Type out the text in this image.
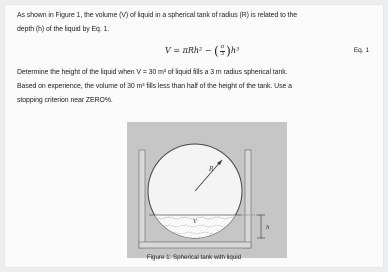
As shown in Figure 1, the volume (V) of liquid in a spherical tank of radius (R) is related to the
depth (h) of the liquid by Eq. 1.
V = πRh² − ( $\frac{\pi}{3} )h^3$	Eq. 1
Determine the height of the liquid when V = 30 m³ of liquid fills a 3 m radius spherical tank.
Based on experience, the volume of 30 m³ fills less than half of the height of the tank. Use a
stopping criterion near ZERO%.
R
V
h
Figure 1: Spherical tank with liquid
